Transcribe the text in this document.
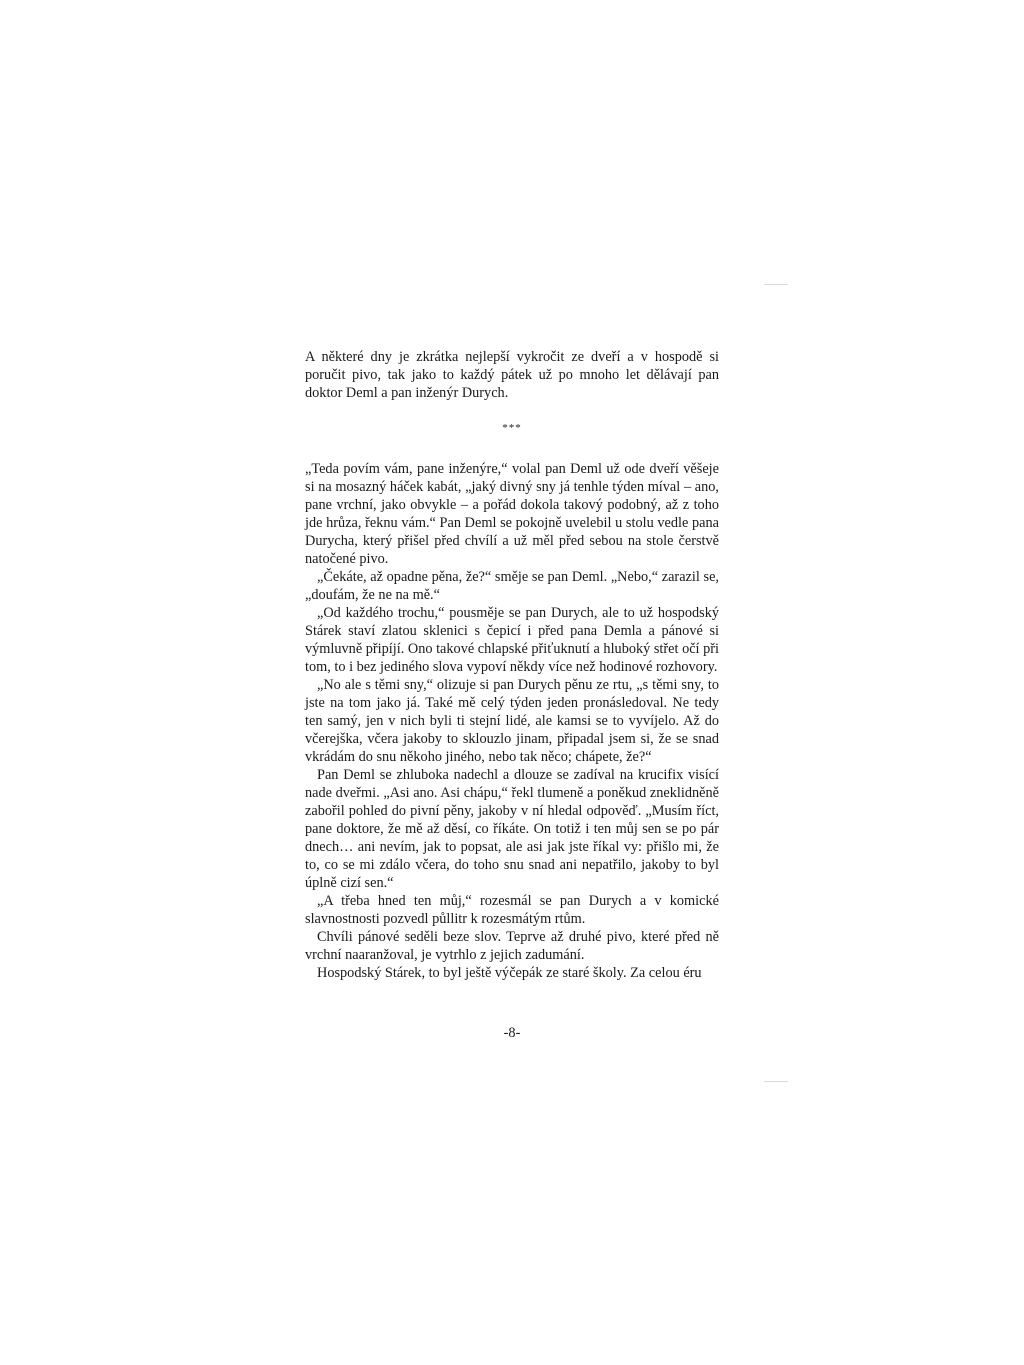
A některé dny je zkrátka nejlepší vykročit ze dveří a v hospodě si poručit pivo, tak jako to každý pátek už po mnoho let dělávají pan doktor Deml a pan inženýr Durych.

***

„Teda povím vám, pane inženýre,“ volal pan Deml už ode dveří věšeje si na mosazný háček kabát, „jaký divný sny já tenhle týden míval – ano, pane vrchní, jako obvykle – a pořád dokola takový podobný, až z toho jde hrůza, řeknu vám.“ Pan Deml se pokojně uvelebil u stolu vedle pana Durycha, který přišel před chvílí a už měl před sebou na stole čerstvě natočené pivo.

„Čekáte, až opadne pěna, že?“ směje se pan Deml. „Nebo,“ zarazil se, „doufám, že ne na mě.“

„Od každého trochu,“ pousměje se pan Durych, ale to už hospodský Stárek staví zlatou sklenici s čepicí i před pana Demla a pánové si výmluvně připíjí. Ono takové chlapské přiťuknutí a hluboký střet očí při tom, to i bez jediného slova vypoví někdy více než hodinové rozhovory.

„No ale s těmi sny,“ olizuje si pan Durych pěnu ze rtu, „s těmi sny, to jste na tom jako já. Také mě celý týden jeden pronásledoval. Ne tedy ten samý, jen v nich byli ti stejní lidé, ale kamsi se to vyvíjelo. Až do včerejška, včera jakoby to sklouzlo jinam, připadal jsem si, že se snad vkrádám do snu někoho jiného, nebo tak něco; chápete, že?“

Pan Deml se zhluboka nadechl a dlouze se zadíval na krucifix visící nade dveřmi. „Asi ano. Asi chápu,“ řekl tlumeně a poněkud zneklidněně zabořil pohled do pivní pěny, jakoby v ní hledal odpověď. „Musím říct, pane doktore, že mě až děsí, co říkáte. On totiž i ten můj sen se po pár dnech… ani nevím, jak to popsat, ale asi jak jste říkal vy: přišlo mi, že to, co se mi zdálo včera, do toho snu snad ani nepatřilo, jakoby to byl úplně cizí sen.“

„A třeba hned ten můj,“ rozesmál se pan Durych a v komické slavnostnosti pozvedl půllitr k rozesmátým rtům.

Chvíli pánové seděli beze slov. Teprve až druhé pivo, které před ně vrchní naaranžoval, je vytrhlo z jejich zadumání.

Hospodský Stárek, to byl ještě výčepák ze staré školy. Za celou éru

-8-
